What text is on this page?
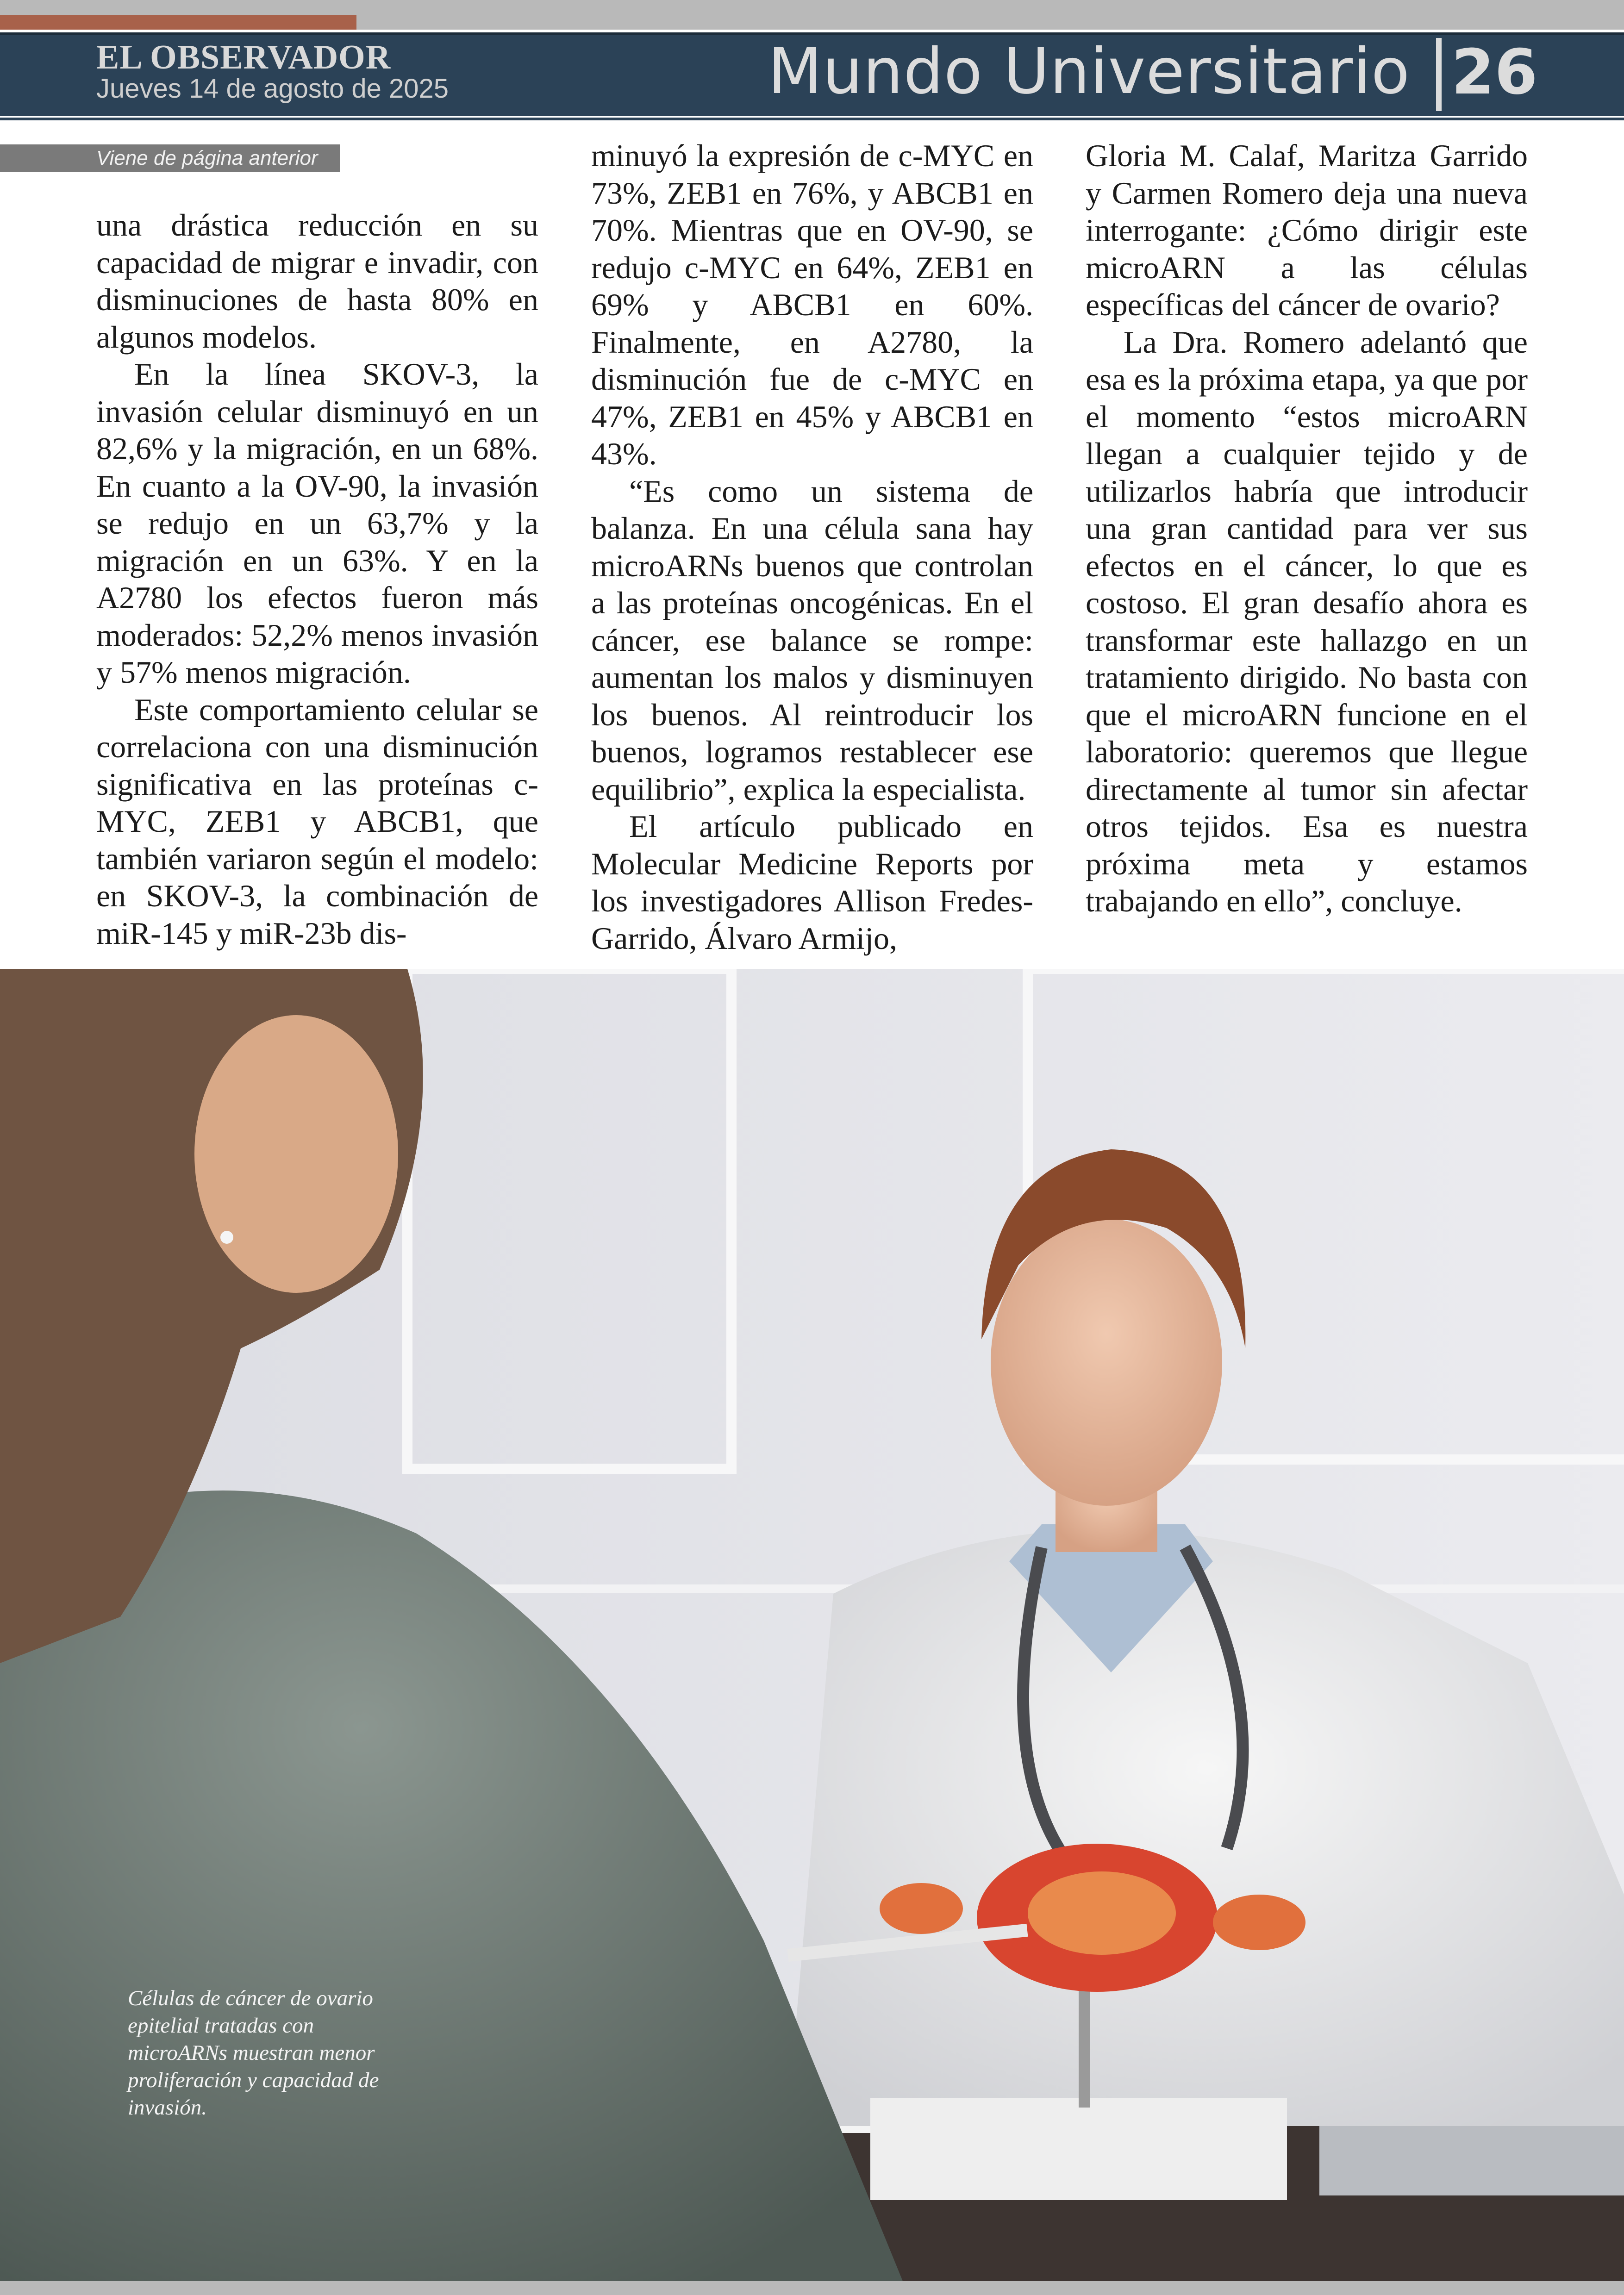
EL OBSERVADOR
Jueves 14 de agosto de 2025	Mundo Universitario 26
Viene de página anterior

una drástica reducción en su capacidad de migrar e invadir, con disminuciones de hasta 80% en algunos modelos.

En la línea SKOV-3, la invasión celular disminuyó en un 82,6% y la migración, en un 68%. En cuanto a la OV-90, la invasión se redujo en un 63,7% y la migración en un 63%. Y en la A2780 los efectos fueron más moderados: 52,2% menos invasión y 57% menos migración.

Este comportamiento celular se correlaciona con una disminución significativa en las proteínas c-MYC, ZEB1 y ABCB1, que también variaron según el modelo: en SKOV-3, la combinación de miR-145 y miR-23b dis-

minuyó la expresión de c-MYC en 73%, ZEB1 en 76%, y ABCB1 en 70%. Mientras que en OV-90, se redujo c-MYC en 64%, ZEB1 en 69% y ABCB1 en 60%. Finalmente, en A2780, la disminución fue de c-MYC en 47%, ZEB1 en 45% y ABCB1 en 43%.

“Es como un sistema de balanza. En una célula sana hay microARNs buenos que controlan a las proteínas oncogénicas. En el cáncer, ese balance se rompe: aumentan los malos y disminuyen los buenos. Al reintroducir los buenos, logramos restablecer ese equilibrio”, explica la especialista.

El artículo publicado en Molecular Medicine Reports por los investigadores Allison Fredes-Garrido, Álvaro Armijo,

Gloria M. Calaf, Maritza Garrido y Carmen Romero deja una nueva interrogante: ¿Cómo dirigir este microARN a las células específicas del cáncer de ovario?

La Dra. Romero adelantó que esa es la próxima etapa, ya que por el momento “estos microARN llegan a cualquier tejido y de utilizarlos habría que introducir una gran cantidad para ver sus efectos en el cáncer, lo que es costoso. El gran desafío ahora es transformar este hallazgo en un tratamiento dirigido. No basta con que el microARN funcione en el laboratorio: queremos que llegue directamente al tumor sin afectar otros tejidos. Esa es nuestra próxima meta y estamos trabajando en ello”, concluye.

Células de cáncer de ovario epitelial tratadas con microARNs muestran menor proliferación y capacidad de invasión.
